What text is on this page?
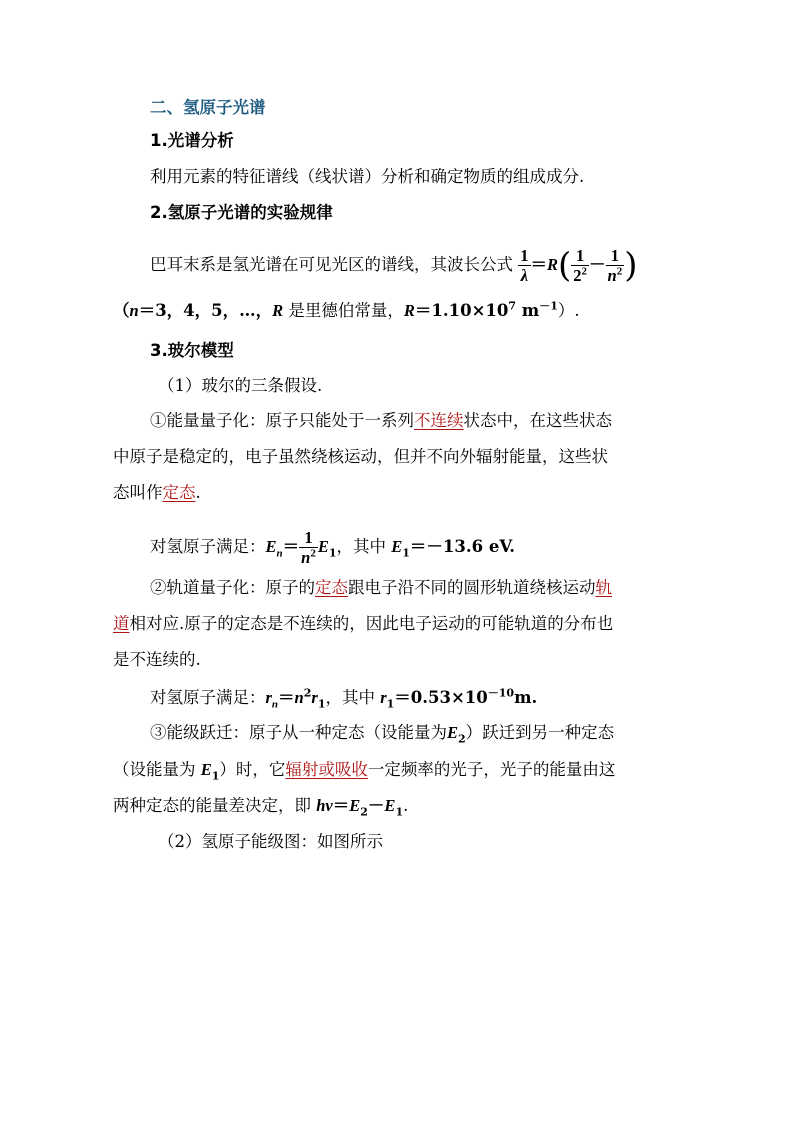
二、氢原子光谱
1.光谱分析
利用元素的特征谱线（线状谱）分析和确定物质的组成成分.
2.氢原子光谱的实验规律
巴耳末系是氢光谱在可见光区的谱线，其波长公式 $\frac{1}{\lambda} =R( \frac{1}{2^2} - \frac{1}{n^2}$ )
（n＝3，4，5，…，R 是里德伯常量，$R=1.10\times 10^7$ $m^{-1}$）.
3.玻尔模型
（1）玻尔的三条假设.
①能量量子化：原子只能处于一系列不连续状态中，在这些状态
中原子是稳定的，电子虽然绕核运动，但并不向外辐射能量，这些状
态叫作定态.
对氢原子满足：$E_n= \frac{1}{n^2} E_1$，其中 $E_1=-13.6$ eV.
②轨道量子化：原子的定态跟电子沿不同的圆形轨道绕核运动轨
道相对应.原子的定态是不连续的，因此电子运动的可能轨道的分布也
是不连续的.
对氢原子满足：$r_n=n^2r_1$，其中 $r_1=0.53\times 10^{-10}m$.
③能级跃迁：原子从一种定态（设能量为$E_2$）跃迁到另一种定态
（设能量为 $E_1$）时，它辐射或吸收一定频率的光子，光子的能量由这
两种定态的能量差决定，即 $h\nu=E_2-E_1$.
（2）氢原子能级图：如图所示
